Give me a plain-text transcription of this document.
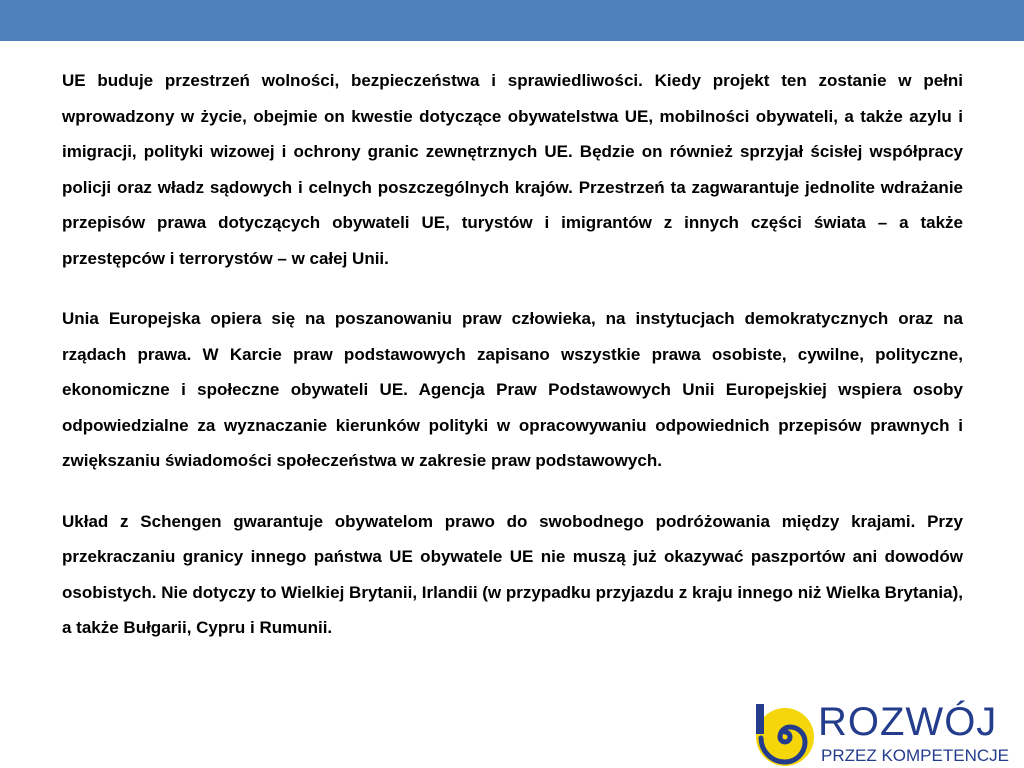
UE buduje przestrzeń wolności, bezpieczeństwa i sprawiedliwości. Kiedy projekt ten zostanie w pełni wprowadzony w życie, obejmie on kwestie dotyczące obywatelstwa UE, mobilności obywateli, a także azylu i imigracji, polityki wizowej i ochrony granic zewnętrznych UE. Będzie on również sprzyjał ścisłej współpracy policji oraz władz sądowych i celnych poszczególnych krajów. Przestrzeń ta zagwarantuje jednolite wdrażanie przepisów prawa dotyczących obywateli UE, turystów i imigrantów z innych części świata – a także przestępców i terrorystów – w całej Unii.

Unia Europejska opiera się na poszanowaniu praw człowieka, na instytucjach demokratycznych oraz na rządach prawa. W Karcie praw podstawowych zapisano wszystkie prawa osobiste, cywilne, polityczne, ekonomiczne i społeczne obywateli UE. Agencja Praw Podstawowych Unii Europejskiej wspiera osoby odpowiedzialne za wyznaczanie kierunków polityki w opracowywaniu odpowiednich przepisów prawnych i zwiększaniu świadomości społeczeństwa w zakresie praw podstawowych.

Układ z Schengen gwarantuje obywatelom prawo do swobodnego podróżowania między krajami. Przy przekraczaniu granicy innego państwa UE obywatele UE nie muszą już okazywać paszportów ani dowodów osobistych. Nie dotyczy to Wielkiej Brytanii, Irlandii (w przypadku przyjazdu z kraju innego niż Wielka Brytania), a także Bułgarii, Cypru i Rumunii.

ROZWÓJ
PRZEZ KOMPETENCJE
